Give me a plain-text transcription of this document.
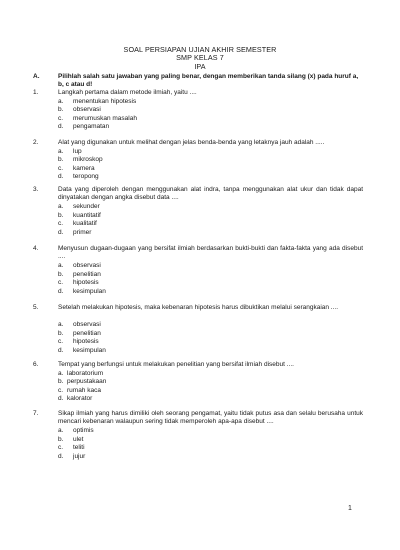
SOAL PERSIAPAN UJIAN AKHIR SEMESTER
SMP KELAS 7
IPA
A.	Pilihlah salah satu jawaban yang paling benar, dengan memberikan tanda silang (x) pada huruf a, b, c atau d!
1.	Langkah pertama dalam metode ilmiah, yaitu ....
a. menentukan hipotesis
b. observasi
c. merumuskan masalah
d. pengamatan
2.	Alat yang digunakan untuk melihat dengan jelas benda-benda yang letaknya jauh adalah .....
a. lup
b. mikroskop
c. kamera
d. teropong
3.	Data yang diperoleh dengan menggunakan alat indra, tanpa menggunakan alat ukur dan tidak dapat dinyatakan dengan angka disebut data ....
a. sekunder
b. kuantitatif
c. kualitatif
d. primer
4.	Menyusun dugaan-dugaan yang bersifat ilmiah berdasarkan bukti-bukti dan fakta-fakta yang ada disebut ....
a. observasi
b. penelitian
c. hipotesis
d. kesimpulan
5.	Setelah melakukan hipotesis, maka kebenaran hipotesis harus dibuktikan melalui serangkaian ....
a. observasi
b. penelitian
c. hipotesis
d. kesimpulan
6.	Tempat yang berfungsi untuk melakukan penelitian yang bersifat ilmiah disebut ....
a. laboratorium
b. perpustakaan
c. rumah kaca
d. kalorator
7.	Sikap ilmiah yang harus dimiliki oleh seorang pengamat, yaitu tidak putus asa dan selalu berusaha untuk mencari kebenaran walaupun sering tidak memperoleh apa-apa disebut ....
a. optimis
b. ulet
c. teliti
d. jujur
1
